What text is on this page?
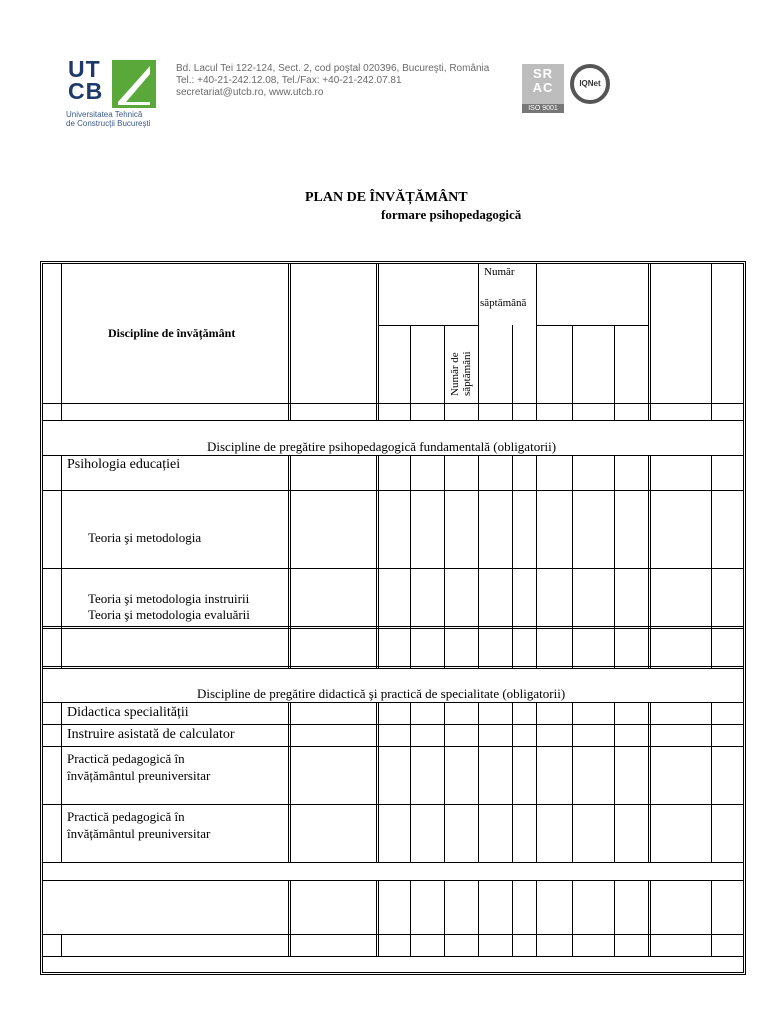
UT
CB
Universitatea Tehnică
de Construcţii Bucureşti
Bd. Lacul Tei 122-124, Sect. 2, cod poştal 020396, Bucureşti, România
Tel.: +40-21-242.12.08, Tel./Fax: +40-21-242.07.81
secretariat@utcb.ro, www.utcb.ro
SR AC
ISO 9001
IQNet
PLAN DE ÎNVĂȚĂMÂNT
formare psihopedagogică
Discipline de învățământ
Număr
săptămână
Număr de săptămâni
Discipline de pregătire psihopedagogică fundamentală (obligatorii)
Psihologia educației
Teoria şi metodologia
Teoria şi metodologia instruirii
Teoria şi metodologia evaluării
Discipline de pregătire didactică şi practică de specialitate (obligatorii)
Didactica specialității
Instruire asistată de calculator
Practică pedagogică în
învățământul preuniversitar
Practică pedagogică în
învățământul preuniversitar
